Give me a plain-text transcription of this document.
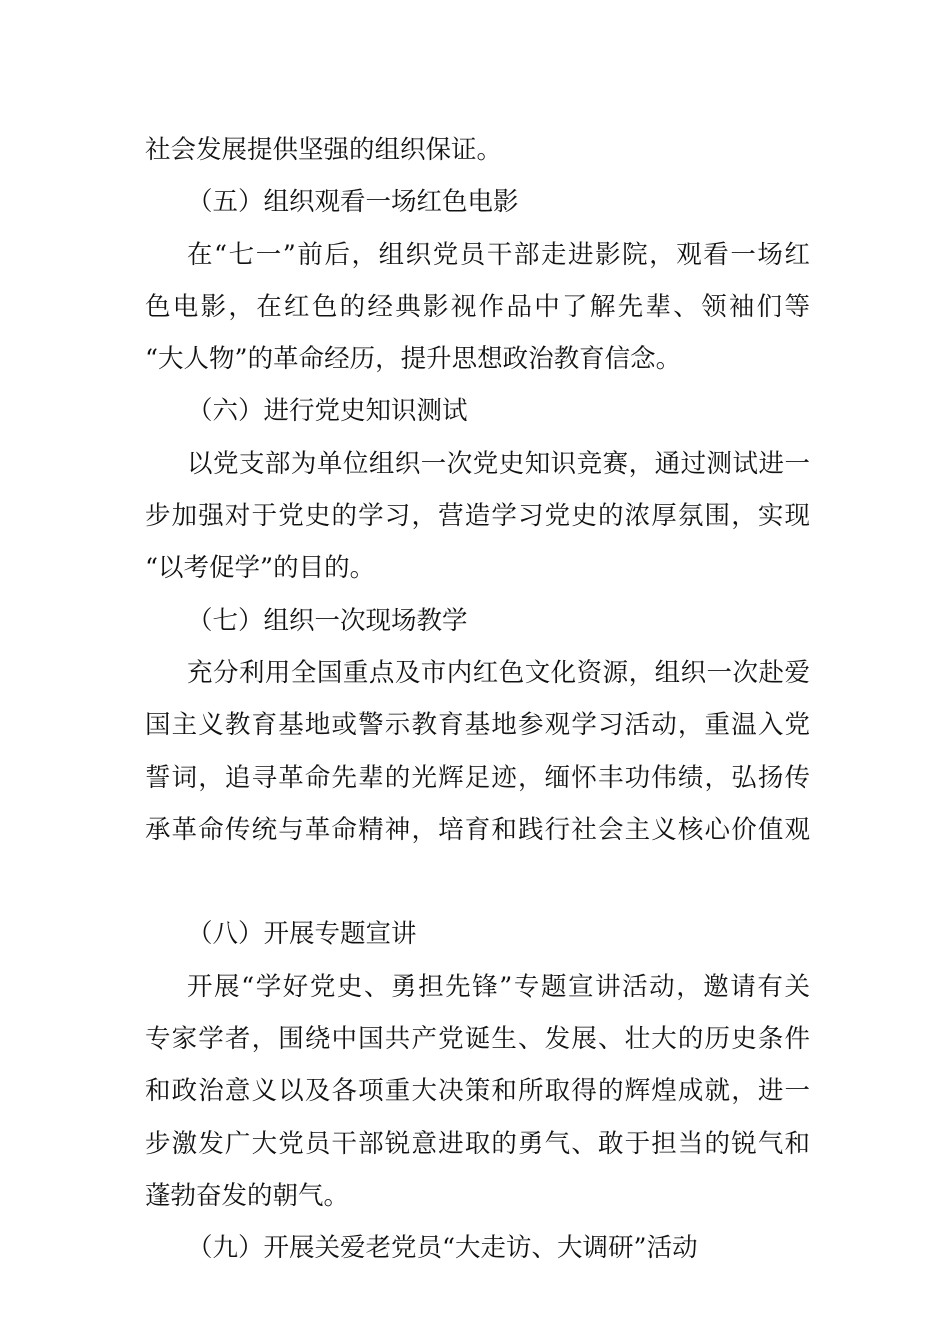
社会发展提供坚强的组织保证。
（五）组织观看一场红色电影
在“七一”前后，组织党员干部走进影院，观看一场红
色电影，在红色的经典影视作品中了解先辈、领袖们等
“大人物”的革命经历，提升思想政治教育信念。
（六）进行党史知识测试
以党支部为单位组织一次党史知识竞赛，通过测试进一
步加强对于党史的学习，营造学习党史的浓厚氛围，实现
“以考促学”的目的。
（七）组织一次现场教学
充分利用全国重点及市内红色文化资源，组织一次赴爱
国主义教育基地或警示教育基地参观学习活动，重温入党
誓词，追寻革命先辈的光辉足迹，缅怀丰功伟绩，弘扬传
承革命传统与革命精神，培育和践行社会主义核心价值观
（八）开展专题宣讲
开展“学好党史、勇担先锋”专题宣讲活动，邀请有关
专家学者，围绕中国共产党诞生、发展、壮大的历史条件
和政治意义以及各项重大决策和所取得的辉煌成就，进一
步激发广大党员干部锐意进取的勇气、敢于担当的锐气和
蓬勃奋发的朝气。
（九）开展关爱老党员“大走访、大调研”活动
